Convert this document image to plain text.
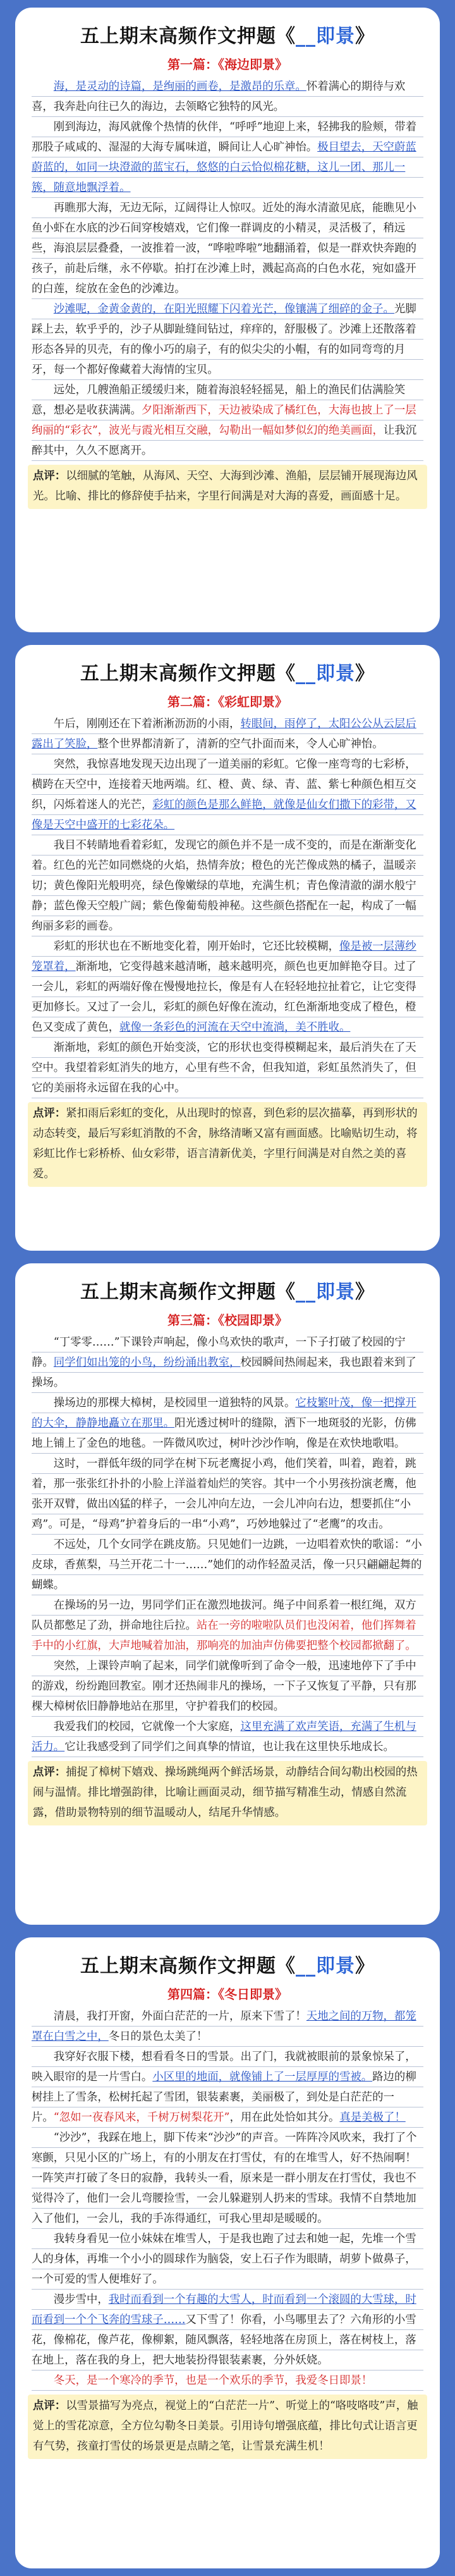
五上期末高频作文押题《__即景》
第一篇：《海边即景》

海，是灵动的诗篇，是绚丽的画卷，是激昂的乐章。怀着满心的期待与欢喜，我奔赴向往已久的海边，去领略它独特的风光。

刚到海边，海风就像个热情的伙伴，“呼呼”地迎上来，轻拂我的脸颊，带着那股子咸咸的、湿湿的大海专属味道，瞬间让人心旷神怡。极目望去，天空蔚蓝蔚蓝的，如同一块澄澈的蓝宝石，悠悠的白云恰似棉花糖，这儿一团、那儿一簇，随意地飘浮着。

再瞧那大海，无边无际，辽阔得让人惊叹。近处的海水清澈见底，能瞧见小鱼小虾在水底的沙石间穿梭嬉戏，它们像一群调皮的小精灵，灵活极了，稍远些，海浪层层叠叠，一波推着一波，“哗啦哗啦”地翻涌着，似是一群欢快奔跑的孩子，前赴后继，永不停歇。拍打在沙滩上时，溅起高高的白色水花，宛如盛开的白莲，绽放在金色的沙滩边。

沙滩呢，金黄金黄的，在阳光照耀下闪着光芒，像镶满了细碎的金子。光脚踩上去，软乎乎的，沙子从脚趾缝间钻过，痒痒的，舒服极了。沙滩上还散落着形态各异的贝壳，有的像小巧的扇子，有的似尖尖的小帽，有的如同弯弯的月牙，每一个都好像藏着大海情的宝贝。

远处，几艘渔船正缓缓归来，随着海浪轻轻摇晃，船上的渔民们估满脸笑意，想必是收获满满。夕阳渐渐西下，天边被染成了橘红色，大海也披上了一层绚丽的“彩衣”，波光与霞光相互交融，勾勒出一幅如梦似幻的绝美画面，让我沉醉其中，久久不愿离开。

点评：以细腻的笔触，从海风、天空、大海到沙滩、渔船，层层铺开展现海边风光。比喻、排比的修辞使手拈来，字里行间满是对大海的喜爱，画面感十足。
五上期末高频作文押题《__即景》
第二篇：《彩虹即景》

午后，刚刚还在下着淅淅沥沥的小雨，转眼间，雨停了，太阳公公从云层后露出了笑脸，整个世界都清新了，清新的空气扑面而来，令人心旷神怡。

突然，我惊喜地发现天边出现了一道美丽的彩虹。它像一座弯弯的七彩桥，横跨在天空中，连接着天地两端。红、橙、黄、绿、青、蓝、紫七种颜色相互交织，闪烁着迷人的光芒，彩虹的颜色是那么鲜艳，就像是仙女们撒下的彩带，又像是天空中盛开的七彩花朵。

我目不转睛地看着彩虹，发现它的颜色并不是一成不变的，而是在渐渐变化着。红色的光芒如同燃烧的火焰，热情奔放；橙色的光芒像成熟的橘子，温暖亲切；黄色像阳光般明亮，绿色像嫩绿的草地，充满生机；青色像清澈的湖水般宁静；蓝色像天空般广阔；紫色像葡萄般神秘。这些颜色搭配在一起，构成了一幅绚丽多彩的画卷。

彩虹的形状也在不断地变化着，刚开始时，它还比较模糊，像是被一层薄纱笼罩着，渐渐地，它变得越来越清晰，越来越明亮，颜色也更加鲜艳夺目。过了一会儿，彩虹的两端好像在慢慢地拉长，像是有人在轻轻地拉扯着它，让它变得更加修长。又过了一会儿，彩虹的颜色好像在流动，红色渐渐地变成了橙色，橙色又变成了黄色，就像一条彩色的河流在天空中流淌，美不胜收。

渐渐地，彩虹的颜色开始变淡，它的形状也变得模糊起来，最后消失在了天空中。我望着彩虹消失的地方，心里有些不舍，但我知道，彩虹虽然消失了，但它的美丽将永远留在我的心中。

点评：紧扣雨后彩虹的变化，从出现时的惊喜，到色彩的层次描摹，再到形状的动态转变，最后写彩虹消散的不舍，脉络清晰又富有画面感。比喻贴切生动，将彩虹比作七彩桥桥、仙女彩带，语言清新优美，字里行间满是对自然之美的喜爱。
五上期末高频作文押题《__即景》
第三篇：《校园即景》

“丁零零……”下课铃声响起，像小鸟欢快的歌声，一下子打破了校园的宁静。同学们如出笼的小鸟，纷纷涌出教室，校园瞬间热闹起来，我也跟着来到了操场。

操场边的那棵大樟树，是校园里一道独特的风景。它枝繁叶茂，像一把撑开的大伞，静静地矗立在那里。阳光透过树叶的缝隙，洒下一地斑驳的光影，仿佛地上铺上了金色的地毯。一阵微风吹过，树叶沙沙作响，像是在欢快地歌唱。

这时，一群低年级的同学在树下玩老鹰捉小鸡，他们笑着，叫着，跑着，跳着，那一张张红扑扑的小脸上洋溢着灿烂的笑容。其中一个小男孩扮演老鹰，他张开双臂，做出凶猛的样子，一会儿冲向左边，一会儿冲向右边，想要抓住“小鸡”。可是，“母鸡”护着身后的一串“小鸡”，巧妙地躲过了“老鹰”的攻击。

不远处，几个女同学在跳皮筋。只见她们一边跳，一边唱着欢快的歌谣：“小皮球，香蕉梨，马兰开花二十一……”她们的动作轻盈灵活，像一只只翩翩起舞的蝴蝶。

在操场的另一边，男同学们正在激烈地拔河。绳子中间系着一根红绳，双方队员都憋足了劲，拼命地往后拉。站在一旁的啦啦队员们也没闲着，他们挥舞着手中的小红旗，大声地喊着加油，那响亮的加油声仿佛要把整个校园都掀翻了。

突然，上课铃声响了起来，同学们就像听到了命令一般，迅速地停下了手中的游戏，纷纷跑回教室。刚才还热闹非凡的操场，一下子又恢复了平静，只有那棵大樟树依旧静静地站在那里，守护着我们的校园。

我爱我们的校园，它就像一个大家庭，这里充满了欢声笑语，充满了生机与活力。它让我感受到了同学们之间真挚的情谊，也让我在这里快乐地成长。

点评：捕捉了樟树下嬉戏、操场跳绳两个鲜活场景，动静结合间勾勒出校园的热闹与温情。排比增强韵律，比喻让画面灵动，细节描写精准生动，情感自然流露，借助景物特别的细节温暖动人，结尾升华情感。
五上期末高频作文押题《__即景》
第四篇：《冬日即景》

清晨，我打开窗，外面白茫茫的一片，原来下雪了！天地之间的万物，都笼罩在白雪之中，冬日的景色太美了！

我穿好衣服下楼，想看看冬日的雪景。出了门，我就被眼前的景象惊呆了，映入眼帘的是一片雪白。小区里的地面，就像铺上了一层厚厚的雪被。路边的柳树挂上了雪条，松树托起了雪团，银装素裹，美丽极了，到处是白茫茫的一片。“忽如一夜春风来，千树万树梨花开”，用在此处恰如其分。真是美极了！

“沙沙”，我踩在地上，脚下传来“沙沙”的声音。一阵阵冷风吹来，我打了个寒颤，只见小区的广场上，有的小朋友在打雪仗，有的在堆雪人，好不热闹啊！一阵笑声打破了冬日的寂静，我转头一看，原来是一群小朋友在打雪仗，我也不觉得冷了，他们一会儿弯腰捡雪，一会儿躲避别人扔来的雪球。我情不自禁地加入了他们，一会儿，我的手冻得通红，可我心里却是暖暖的。

我转身看见一位小妹妹在堆雪人，于是我也跑了过去和她一起，先堆一个雪人的身体，再堆一个小小的圆球作为脑袋，安上石子作为眼睛，胡萝卜做鼻子，一个可爱的雪人便堆好了。

漫步雪中，我时而看到一个有趣的大雪人，时而看到一个滚圆的大雪球，时而看到一个个飞奔的雪球子……又下雪了！你看，小鸟哪里去了？六角形的小雪花，像棉花，像芦花，像柳絮，随风飘落，轻轻地落在房顶上，落在树枝上，落在地上，落在我的身上，把大地装扮得银装素裹，分外妖娆。

冬天，是一个寒冷的季节，也是一个欢乐的季节，我爱冬日即景！

点评：以雪景描写为亮点，视觉上的“白茫茫一片”、听觉上的“咯吱咯吱”声，触觉上的雪花凉意，全方位勾勒冬日美景。引用诗句增强底蕴，排比句式让语言更有气势，孩童打雪仗的场景更是点睛之笔，让雪景充满生机！
